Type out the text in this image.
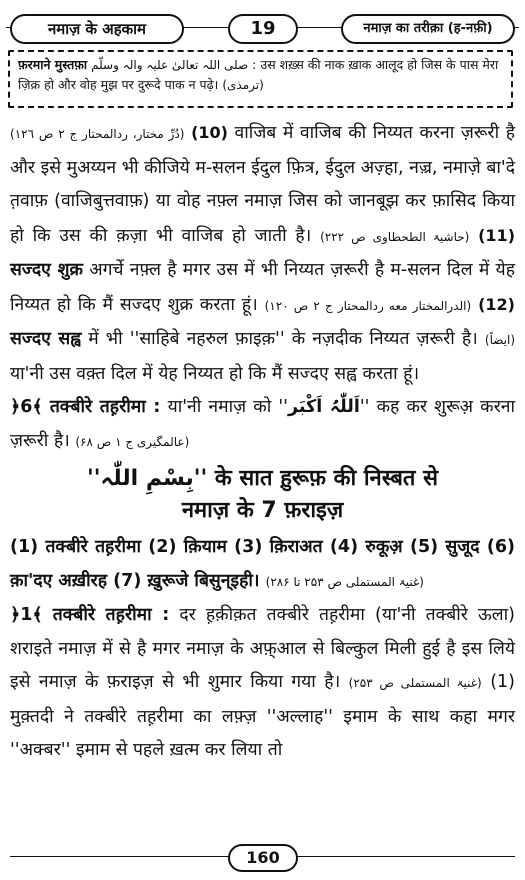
नमाज़ के अहकाम	19	नमाज़ का तरीक़ा (ह-नफ़ी)
फ़रमाने मुस्तफ़ा صلی اللہ تعالیٰ علیہ والہ وسلّم : उस शख़्स की नाक ख़ाक आलूद हो जिस के पास मेरा ज़िक्र हो और वोह मुझ पर दुरूदे पाक न पढ़े। (ترمذی)

(دُرِّ مختار، ردالمحتار ج ۲ ص ۱۲٦) (10) वाजिब में वाजिब की निय्यत करना ज़रूरी है और इसे मुअय्यन भी कीजिये म-सलन ईदुल फ़ित्र, ईदुल अज़्हा, नज़्र, नमाज़े बा'दे त़वाफ़ (वाजिबुत्तवाफ़) या वोह नफ़्ल नमाज़ जिस को जानबूझ कर फ़ासिद किया हो कि उस की क़ज़ा भी वाजिब हो जाती है। (حاشیۃ الطحطاوی ص ۲۲۲) (11) सज्दए शुक्र अगर्चे नफ़्ल है मगर उस में भी निय्यत ज़रूरी है म-सलन दिल में येह निय्यत हो कि मैं सज्दए शुक्र करता हूं। (الدرالمختار معه ردالمحتار ج ۲ ص ۱۲۰) (12) सज्दए सह्व में भी ''साहिबे नहरुल फ़ाइक़'' के नज़दीक निय्यत ज़रूरी है। (ایضاً) या'नी उस वक़्त दिल में येह निय्यत हो कि मैं सज्दए सह्व करता हूं।

﴿6﴾ तक्बीरे तह़रीमा : या'नी नमाज़ को ''اَللّٰہُ اَکْبَر'' कह कर शुरूअ़ करना ज़रूरी है। (عالمگیری ج ۱ ص ۶۸)

''بِسْمِ اللّٰہ'' के सात ह़ुरूफ़ की निस्बत से
नमाज़ के 7 फ़राइज़

(1) तक्बीरे तह़रीमा (2) क़ियाम (3) क़िराअत (4) रुकूअ़ (5) सुजूद (6) क़ा'दए अख़ीरह (7) ख़ुरूजे बिसुन्इही। (غنیۃ المستملی ص ۲۵۳ تا ۲۸۶)

﴿1﴾ तक्बीरे तह़रीमा : दर ह़क़ीक़त तक्बीरे तह़रीमा (या'नी तक्बीरे ऊला) शराइते नमाज़ में से है मगर नमाज़ के अफ़्आल से बिल्कुल मिली हुई है इस लिये इसे नमाज़ के फ़राइज़ से भी शुमार किया गया है। (غنیۃ المستملی ص ۲۵۳) (1) मुक़्तदी ने तक्बीरे तह़रीमा का लफ़्ज़ ''अल्लाह'' इमाम के साथ कहा मगर ''अक्बर'' इमाम से पहले ख़त्म कर लिया तो

160
